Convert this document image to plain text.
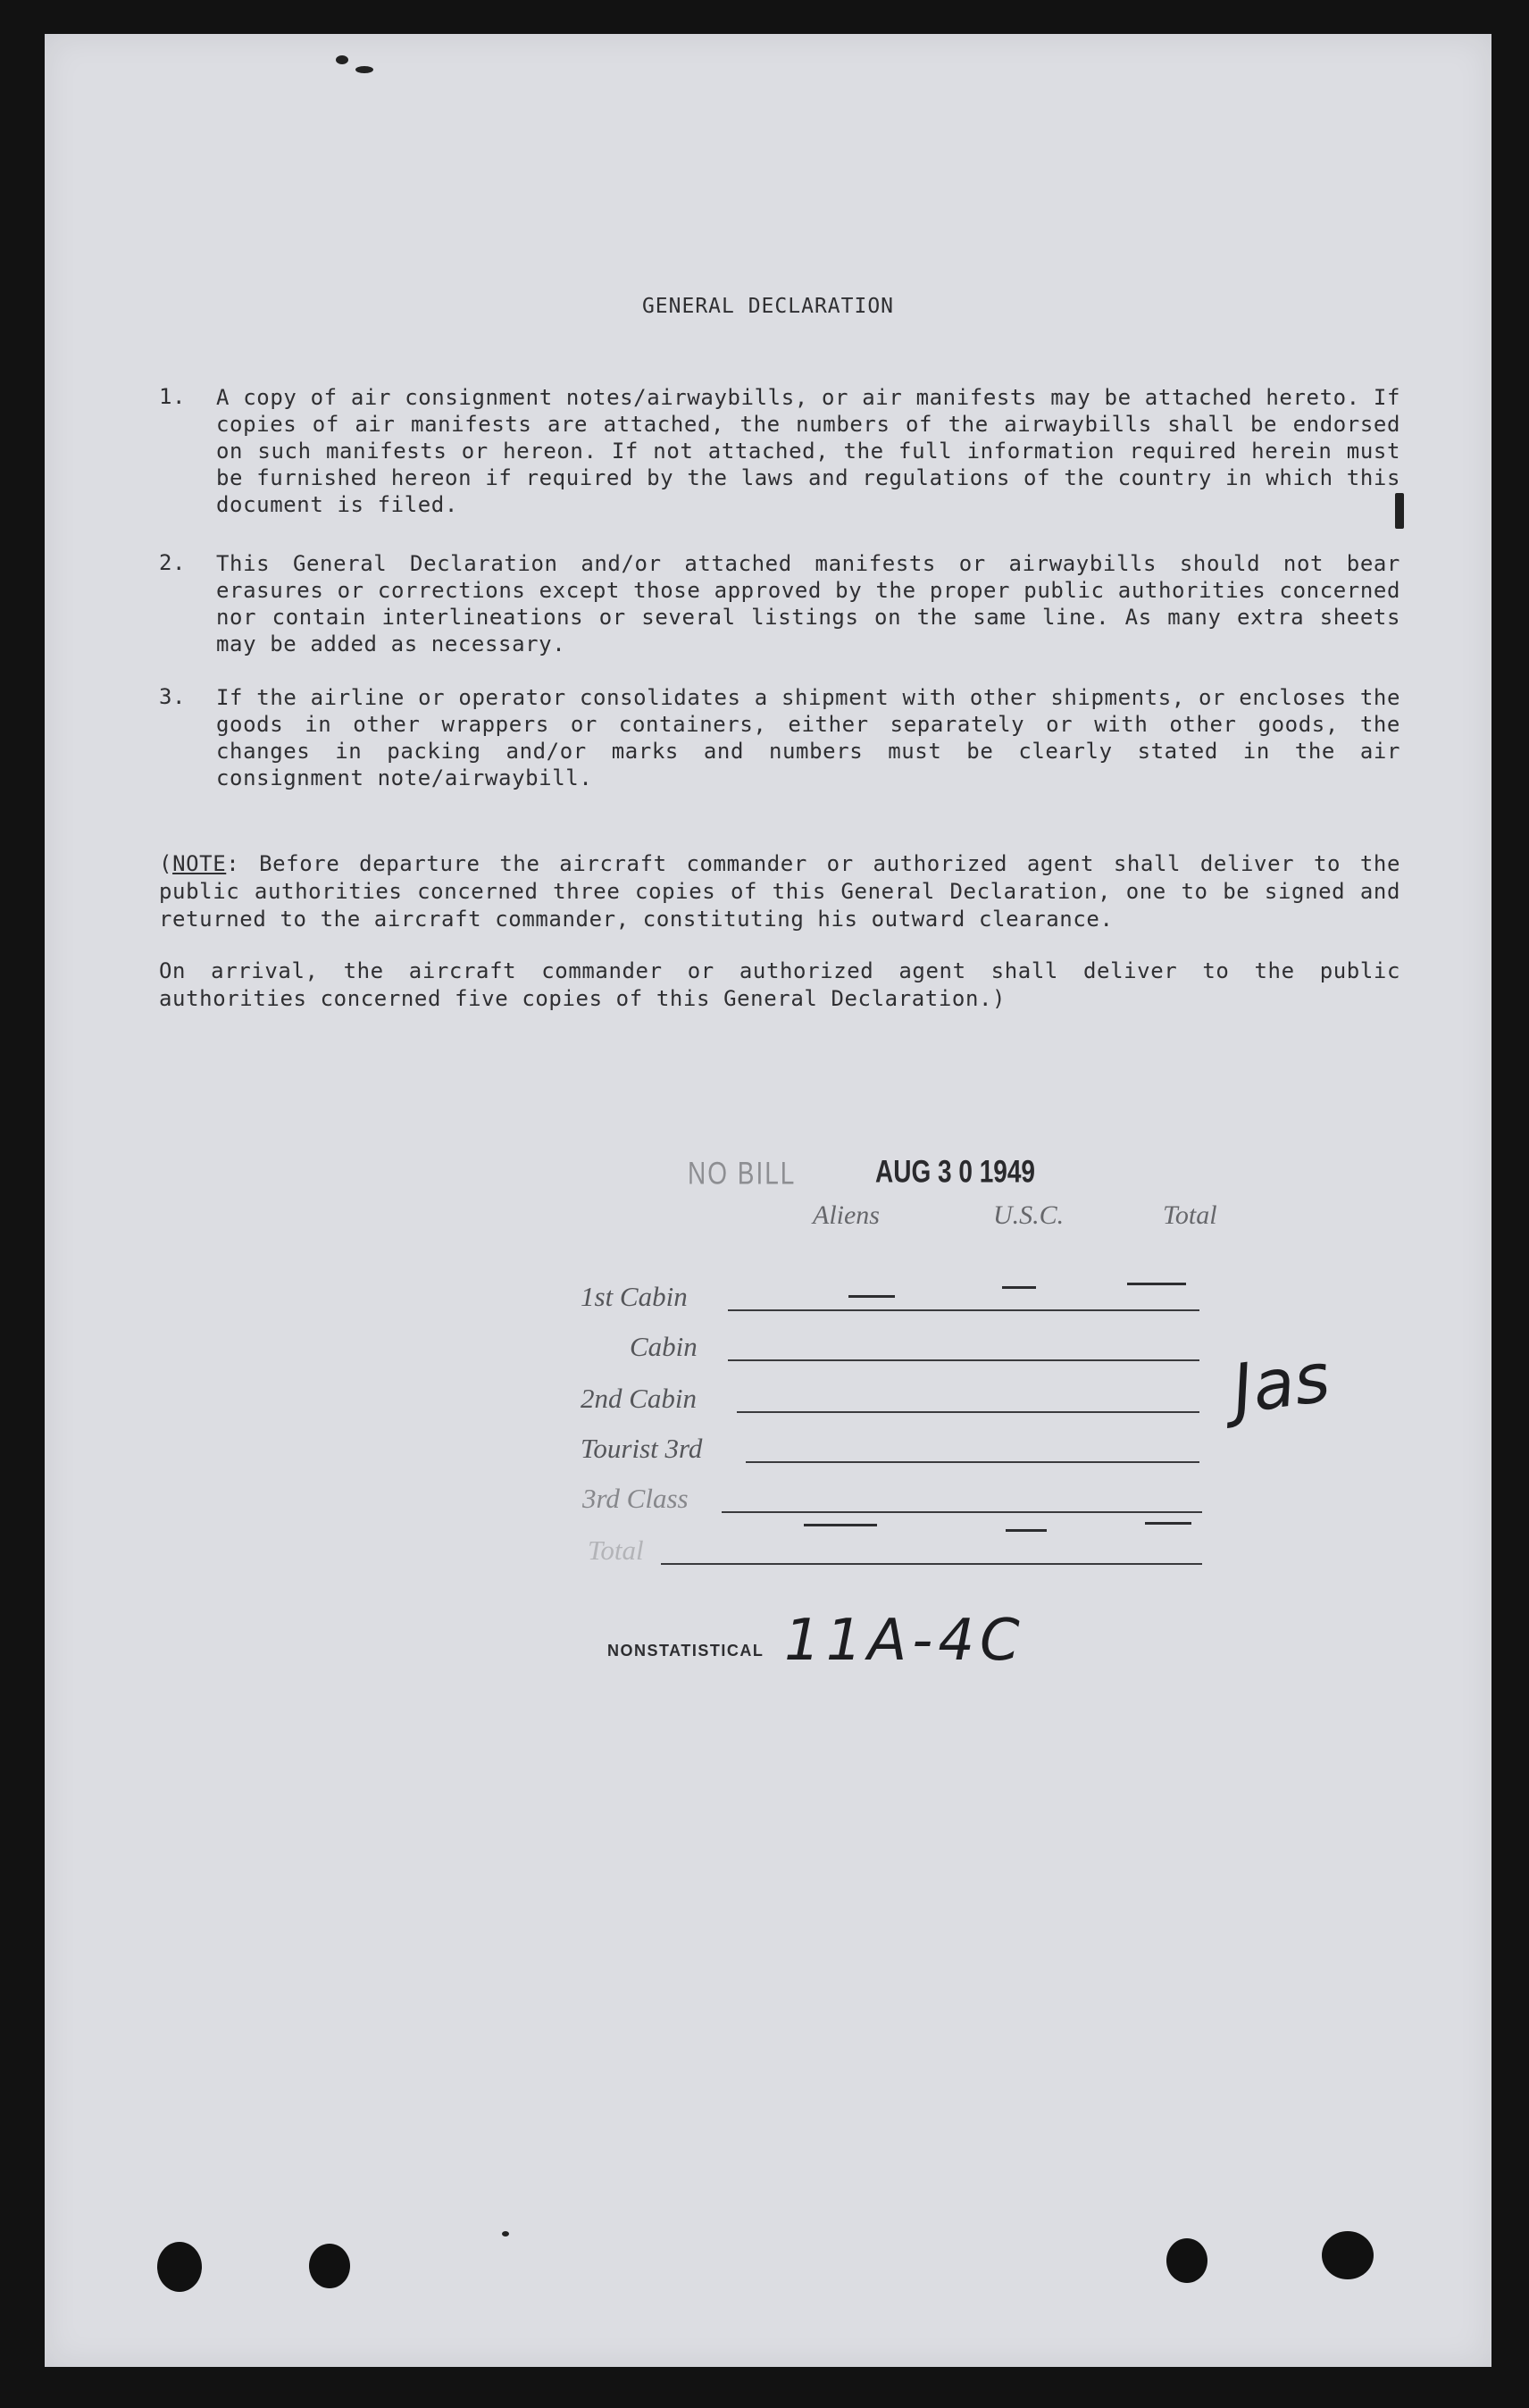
GENERAL DECLARATION
1. A copy of air consignment notes/airwaybills, or air manifests may be attached hereto. If copies of air manifests are attached, the numbers of the airwaybills shall be endorsed on such manifests or hereon. If not attached, the full information required herein must be furnished hereon if required by the laws and regulations of the country in which this document is filed.
2. This General Declaration and/or attached manifests or airwaybills should not bear erasures or corrections except those approved by the proper public authorities concerned nor contain interlineations or several listings on the same line. As many extra sheets may be added as necessary.
3. If the airline or operator consolidates a shipment with other shipments, or encloses the goods in other wrappers or containers, either separately or with other goods, the changes in packing and/or marks and numbers must be clearly stated in the air consignment note/airwaybill.
(NOTE: Before departure the aircraft commander or authorized agent shall deliver to the public authorities concerned three copies of this General Declaration, one to be signed and returned to the aircraft commander, constituting his outward clearance.
On arrival, the aircraft commander or authorized agent shall deliver to the public authorities concerned five copies of this General Declaration.)
NO BILL	AUG 3 0 1949
Aliens	U.S.C.	Total
1st Cabin
Cabin
2nd Cabin
Tourist 3rd
3rd Class
Total
Jas
NONSTATISTICAL 11A-4C
